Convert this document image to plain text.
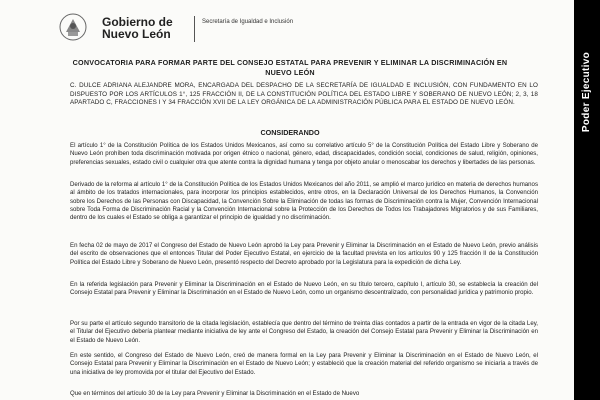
Gobierno de Nuevo León
Secretaría de Igualdad e Inclusión
CONVOCATORIA PARA FORMAR PARTE DEL CONSEJO ESTATAL PARA PREVENIR Y ELIMINAR LA DISCRIMINACIÓN EN NUEVO LEÓN
C. DULCE ADRIANA ALEJANDRE MORA, ENCARGADA DEL DESPACHO DE LA SECRETARÍA DE IGUALDAD E INCLUSIÓN, CON FUNDAMENTO EN LO DISPUESTO POR LOS ARTÍCULOS 1°, 125 FRACCIÓN II, DE LA CONSTITUCIÓN POLÍTICA DEL ESTADO LIBRE Y SOBERANO DE NUEVO LEÓN; 2, 3, 18 APARTADO C, FRACCIONES I Y 34 FRACCIÓN XVII DE LA LEY ORGÁNICA DE LA ADMINISTRACIÓN PÚBLICA PARA EL ESTADO DE NUEVO LEÓN.
CONSIDERANDO
El artículo 1° de la Constitución Política de los Estados Unidos Mexicanos, así como su correlativo artículo 5° de la Constitución Política del Estado Libre y Soberano de Nuevo León prohíben toda discriminación motivada por origen étnico o nacional, género, edad, discapacidades, condición social, condiciones de salud, religión, opiniones, preferencias sexuales, estado civil o cualquier otra que atente contra la dignidad humana y tenga por objeto anular o menoscabar los derechos y libertades de las personas.
Derivado de la reforma al artículo 1° de la Constitución Política de los Estados Unidos Mexicanos del año 2011, se amplió el marco jurídico en materia de derechos humanos al ámbito de los tratados internacionales, para incorporar los principios establecidos, entre otros, en la Declaración Universal de los Derechos Humanos, la Convención sobre los Derechos de las Personas con Discapacidad, la Convención Sobre la Eliminación de todas las formas de Discriminación contra la Mujer, Convención Internacional sobre Toda Forma de Discriminación Racial y la Convención Internacional sobre la Protección de los Derechos de Todos los Trabajadores Migratorios y de sus Familiares, dentro de los cuales el Estado se obliga a garantizar el principio de igualdad y no discriminación.
En fecha 02 de mayo de 2017 el Congreso del Estado de Nuevo León aprobó la Ley para Prevenir y Eliminar la Discriminación en el Estado de Nuevo León, previo análisis del escrito de observaciones que el entonces Titular del Poder Ejecutivo Estatal, en ejercicio de la facultad prevista en los artículos 90 y 125 fracción II de la Constitución Política del Estado Libre y Soberano de Nuevo León, presentó respecto del Decreto aprobado por la Legislatura para la expedición de dicha Ley.
En la referida legislación para Prevenir y Eliminar la Discriminación en el Estado de Nuevo León, en su título tercero, capítulo I, artículo 30, se establecía la creación del Consejo Estatal para Prevenir y Eliminar la Discriminación en el Estado de Nuevo León, como un organismo descentralizado, con personalidad jurídica y patrimonio propio.
Por su parte el artículo segundo transitorio de la citada legislación, establecía que dentro del término de treinta días contados a partir de la entrada en vigor de la citada Ley, el Titular del Ejecutivo debería plantear mediante iniciativa de ley ante el Congreso del Estado, la creación del Consejo Estatal para Prevenir y Eliminar la Discriminación en el Estado de Nuevo León.
En este sentido, el Congreso del Estado de Nuevo León, creó de manera formal en la Ley para Prevenir y Eliminar la Discriminación en el Estado de Nuevo León, el Consejo Estatal para Prevenir y Eliminar la Discriminación en el Estado de Nuevo León; y estableció que la creación material del referido organismo se iniciaría a través de una iniciativa de ley promovida por el titular del Ejecutivo del Estado.
Que en términos del artículo 30 de la Ley para Prevenir y Eliminar la Discriminación en el Estado de Nuevo
Poder Ejecutivo
